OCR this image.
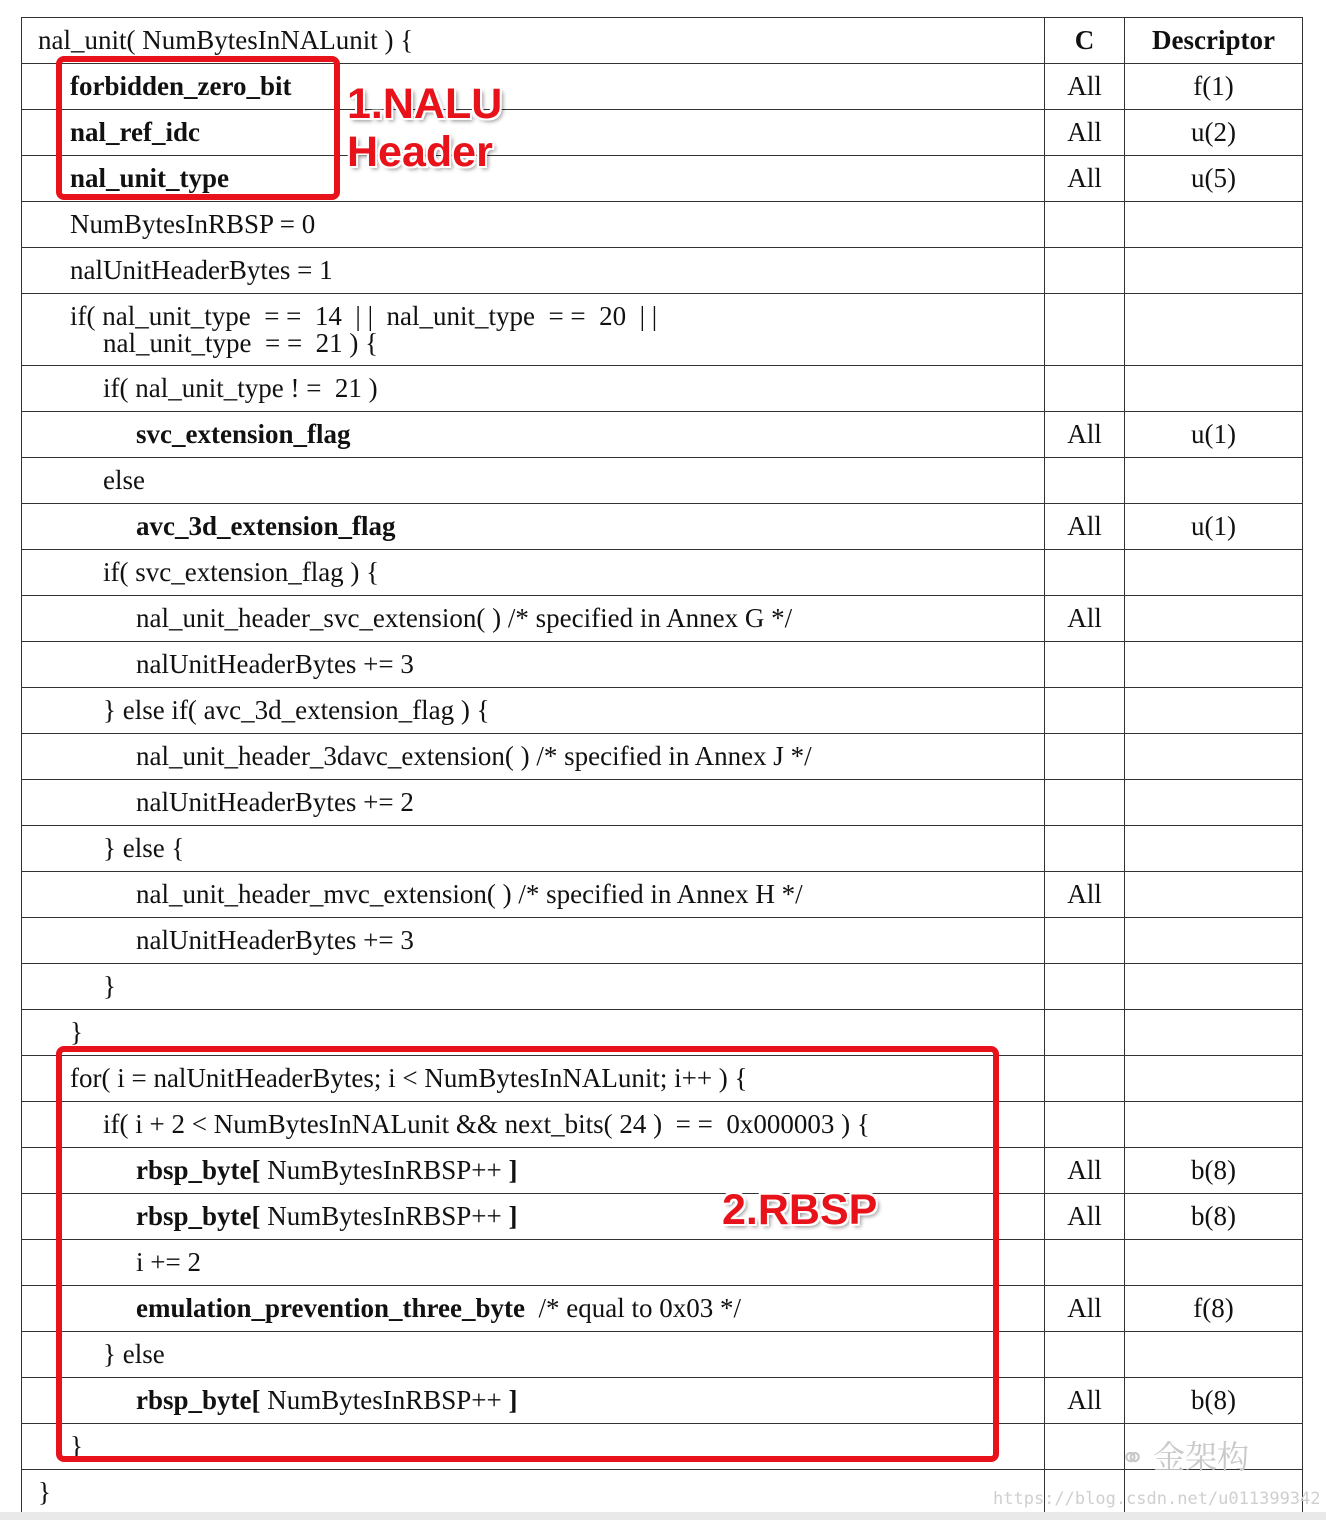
nal_unit( NumBytesInNALunit ) {	C	Descriptor

forbidden_zero_bit	All	f(1)

nal_ref_idc	All	u(2)

nal_unit_type	All	u(5)

NumBytesInRBSP = 0		

nalUnitHeaderBytes = 1		

if( nal_unit_type  = =  14  | |  nal_unit_type  = =  20  | |
nal_unit_type  = =  21 ) {		

if( nal_unit_type ! =  21 )		

svc_extension_flag	All	u(1)

else		

avc_3d_extension_flag	All	u(1)

if( svc_extension_flag ) {		

nal_unit_header_svc_extension( ) /* specified in Annex G */	All	

nalUnitHeaderBytes += 3		

} else if( avc_3d_extension_flag ) {		

nal_unit_header_3davc_extension( ) /* specified in Annex J */		

nalUnitHeaderBytes += 2		

} else {		

nal_unit_header_mvc_extension( ) /* specified in Annex H */	All	

nalUnitHeaderBytes += 3		

}		

}		

for( i = nalUnitHeaderBytes; i < NumBytesInNALunit; i++ ) {		

if( i + 2 < NumBytesInNALunit && next_bits( 24 )  = =  0x000003 ) {		

rbsp_byte[ NumBytesInRBSP++ ]	All	b(8)

rbsp_byte[ NumBytesInRBSP++ ]	All	b(8)

i += 2		

emulation_prevention_three_byte  /* equal to 0x03 */	All	f(8)

} else		

rbsp_byte[ NumBytesInRBSP++ ]	All	b(8)

}		

}		

1.NALU
Header
2.RBSP
⚭ 金架构
https://blog.csdn.net/u011399342
